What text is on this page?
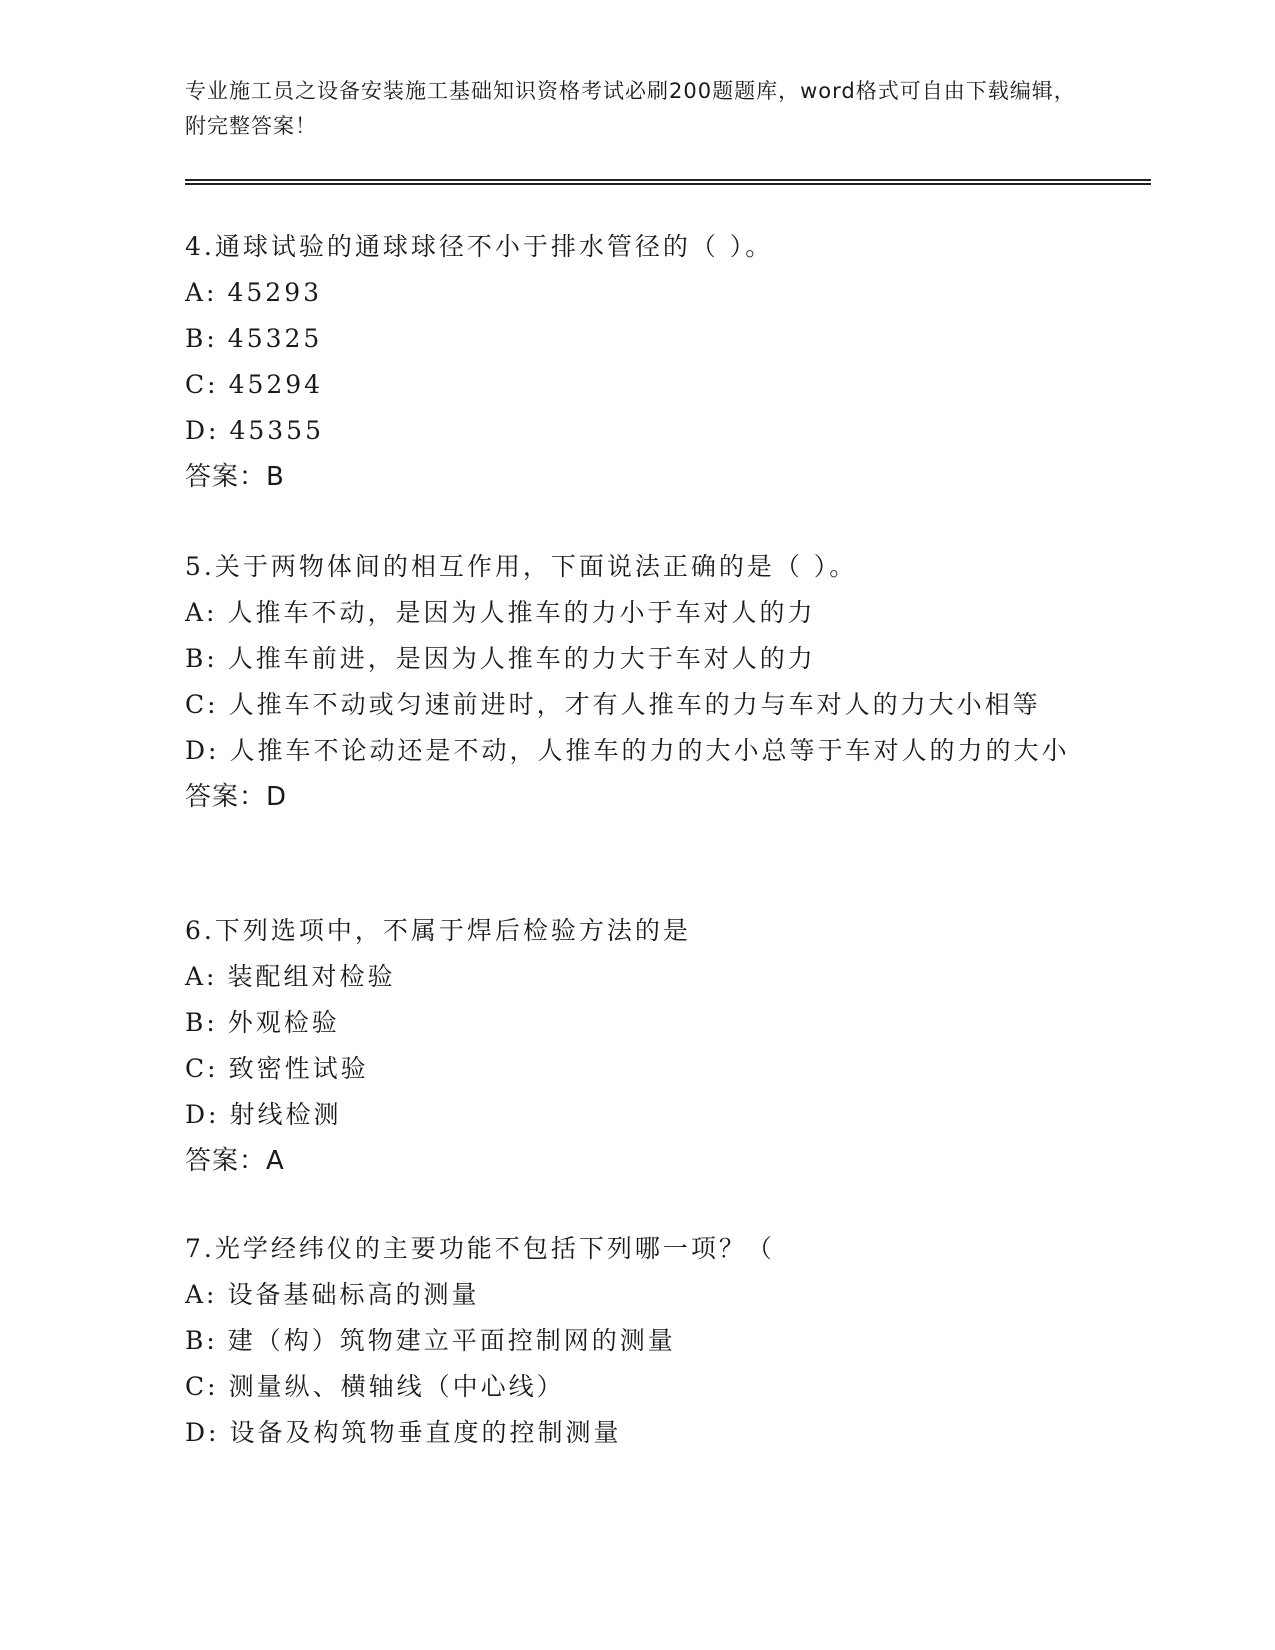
专业施工员之设备安装施工基础知识资格考试必刷200题题库，word格式可自由下载编辑，附完整答案！

4.通球试验的通球球径不小于排水管径的（ ）。

A: 45293

B: 45325

C: 45294

D: 45355

答案：B

5.关于两物体间的相互作用，下面说法正确的是（ ）。

A: 人推车不动，是因为人推车的力小于车对人的力

B: 人推车前进，是因为人推车的力大于车对人的力

C: 人推车不动或匀速前进时，才有人推车的力与车对人的力大小相等

D: 人推车不论动还是不动，人推车的力的大小总等于车对人的力的大小

答案：D

6.下列选项中，不属于焊后检验方法的是

A: 装配组对检验

B: 外观检验

C: 致密性试验

D: 射线检测

答案：A

7.光学经纬仪的主要功能不包括下列哪一项？（

A: 设备基础标高的测量

B: 建（构）筑物建立平面控制网的测量

C: 测量纵、横轴线（中心线）

D: 设备及构筑物垂直度的控制测量
